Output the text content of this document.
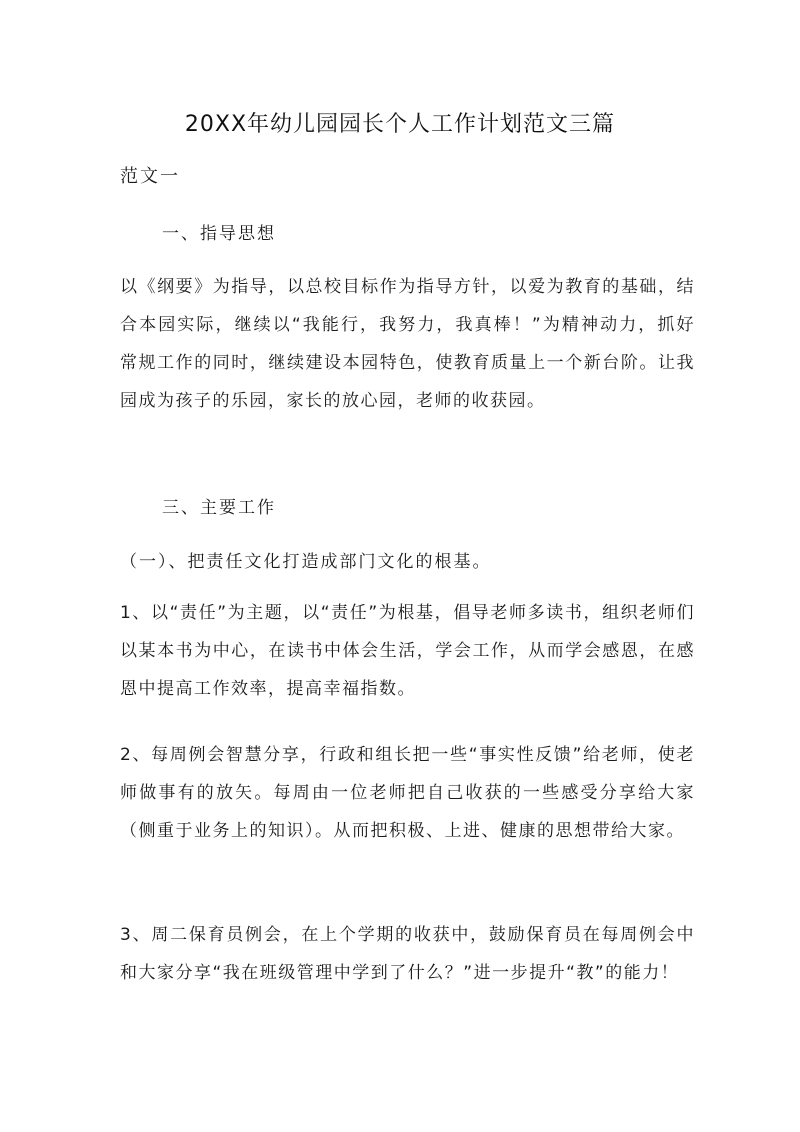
20XX年幼儿园园长个人工作计划范文三篇
范文一
一、指导思想
以《纲要》为指导，以总校目标作为指导方针，以爱为教育的基础，结合本园实际，继续以“我能行，我努力，我真棒！”为精神动力，抓好常规工作的同时，继续建设本园特色，使教育质量上一个新台阶。让我园成为孩子的乐园，家长的放心园，老师的收获园。
三、主要工作
（一）、把责任文化打造成部门文化的根基。
1、以“责任”为主题，以“责任”为根基，倡导老师多读书，组织老师们以某本书为中心，在读书中体会生活，学会工作，从而学会感恩，在感恩中提高工作效率，提高幸福指数。
2、每周例会智慧分享，行政和组长把一些“事实性反馈”给老师，使老师做事有的放矢。每周由一位老师把自己收获的一些感受分享给大家（侧重于业务上的知识）。从而把积极、上进、健康的思想带给大家。
3、周二保育员例会，在上个学期的收获中，鼓励保育员在每周例会中和大家分享“我在班级管理中学到了什么？”进一步提升“教”的能力！
